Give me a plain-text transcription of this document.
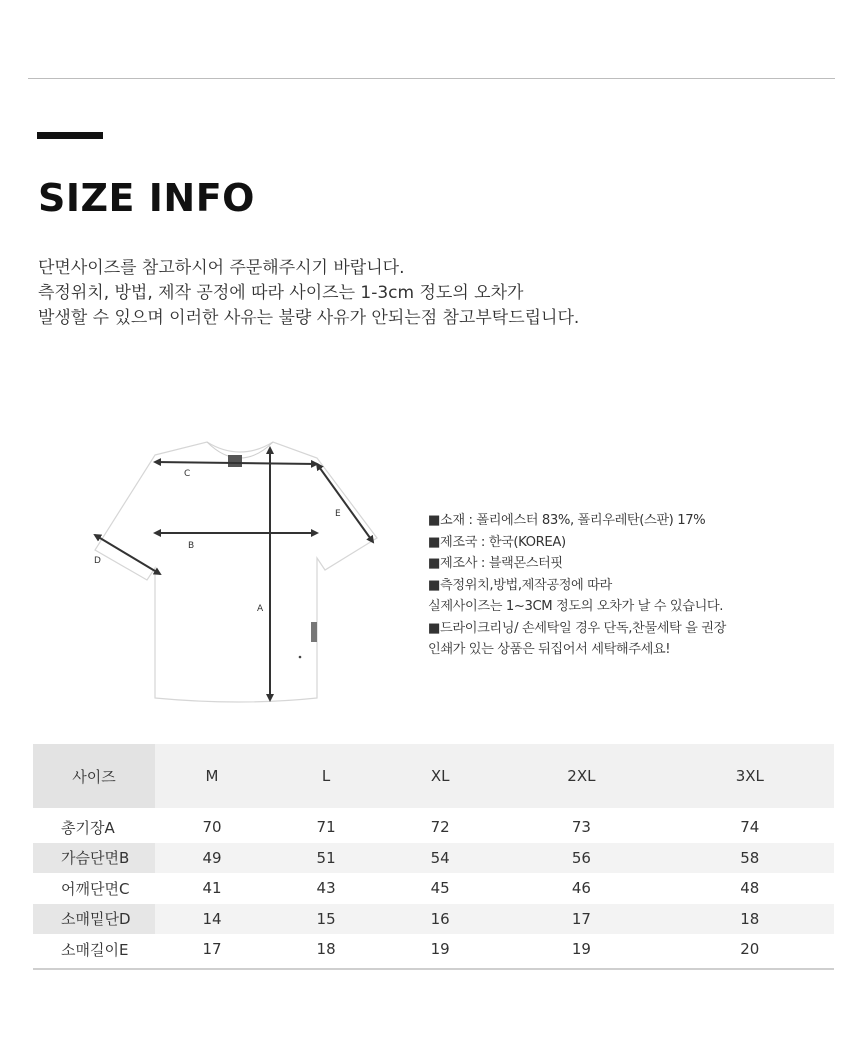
SIZE INFO
단면사이즈를 참고하시어 주문해주시기 바랍니다.
측정위치, 방법, 제작 공정에 따라 사이즈는 1-3cm 정도의 오차가
발생할 수 있으며 이러한 사유는 불량 사유가 안되는점 참고부탁드립니다.
C
B
D
E
A
■소재 : 폴리에스터 83%, 폴리우레탄(스판) 17%
■제조국 : 한국(KOREA)
■제조사 : 블랙몬스터핏
■측정위치,방법,제작공정에 따라
실제사이즈는 1~3CM 정도의 오차가 날 수 있습니다.
■드라이크리닝/ 손세탁일 경우 단독,찬물세탁 을 권장
인쇄가 있는 상품은 뒤집어서 세탁해주세요!
사이즈	M	L	XL	2XL	3XL

총기장A	70	71	72	73	74
가슴단면B	49	51	54	56	58
어깨단면C	41	43	45	46	48
소매밑단D	14	15	16	17	18
소매길이E	17	18	19	19	20
